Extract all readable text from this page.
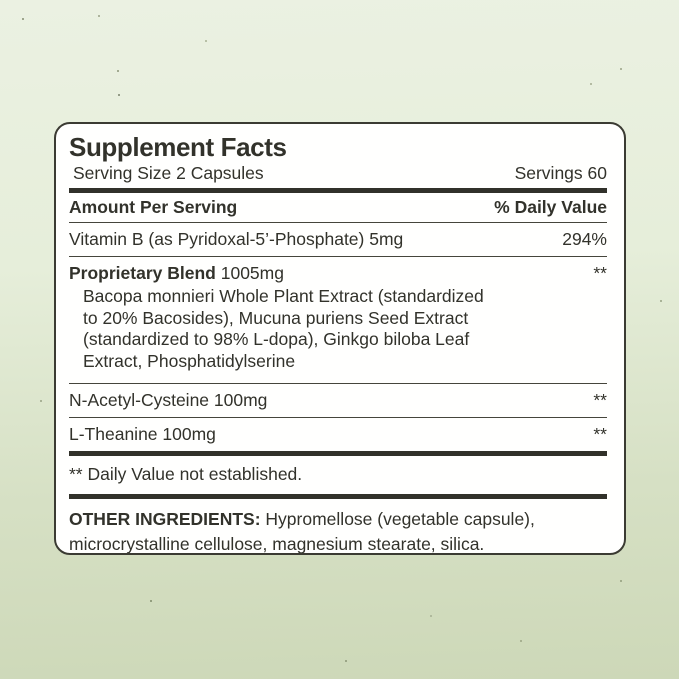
Supplement Facts
Serving Size 2 Capsules	Servings 60
Amount Per Serving	% Daily Value
Vitamin B (as Pyridoxal-5’-Phosphate) 5mg	294%
Proprietary Blend 1005mg	**
Bacopa monnieri Whole Plant Extract (standardized
to 20% Bacosides), Mucuna puriens Seed Extract
(standardized to 98% L-dopa), Ginkgo biloba Leaf
Extract, Phosphatidylserine
N-Acetyl-Cysteine 100mg	**
L-Theanine 100mg	**
** Daily Value not established.

OTHER INGREDIENTS: Hypromellose (vegetable capsule), microcrystalline cellulose, magnesium stearate, silica.
